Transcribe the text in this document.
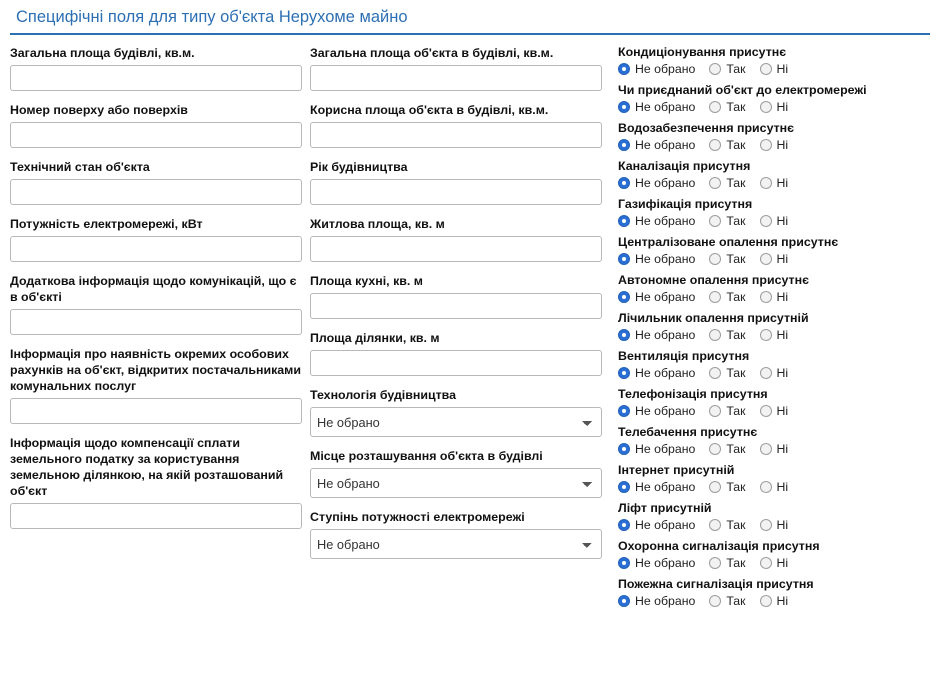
Специфічні поля для типу об'єкта Нерухоме майно
Загальна площа будівлі, кв.м.
Номер поверху або поверхів
Технічний стан об'єкта
Потужність електромережі, кВт
Додаткова інформація щодо комунікацій, що є в об'єкті
Інформація про наявність окремих особових рахунків на об'єкт, відкритих постачальниками комунальних послуг
Інформація щодо компенсації сплати земельного податку за користування земельною ділянкою, на якій розташований об'єкт
Загальна площа об'єкта в будівлі, кв.м.
Корисна площа об'єкта в будівлі, кв.м.
Рік будівництва
Житлова площа, кв. м
Площа кухні, кв. м
Площа ділянки, кв. м
Технологія будівництва
Не обрано
Місце розташування об'єкта в будівлі
Не обрано
Ступінь потужності електромережі
Не обрано
Кондиціонування присутнє
Не обрано	Так	Ні
Чи приєднаний об'єкт до електромережі
Не обрано	Так	Ні
Водозабезпечення присутнє
Не обрано	Так	Ні
Каналізація присутня
Не обрано	Так	Ні
Газифікація присутня
Не обрано	Так	Ні
Централізоване опалення присутнє
Не обрано	Так	Ні
Автономне опалення присутнє
Не обрано	Так	Ні
Лічильник опалення присутній
Не обрано	Так	Ні
Вентиляція присутня
Не обрано	Так	Ні
Телефонізація присутня
Не обрано	Так	Ні
Телебачення присутнє
Не обрано	Так	Ні
Інтернет присутній
Не обрано	Так	Ні
Ліфт присутній
Не обрано	Так	Ні
Охоронна сигналізація присутня
Не обрано	Так	Ні
Пожежна сигналізація присутня
Не обрано	Так	Ні
